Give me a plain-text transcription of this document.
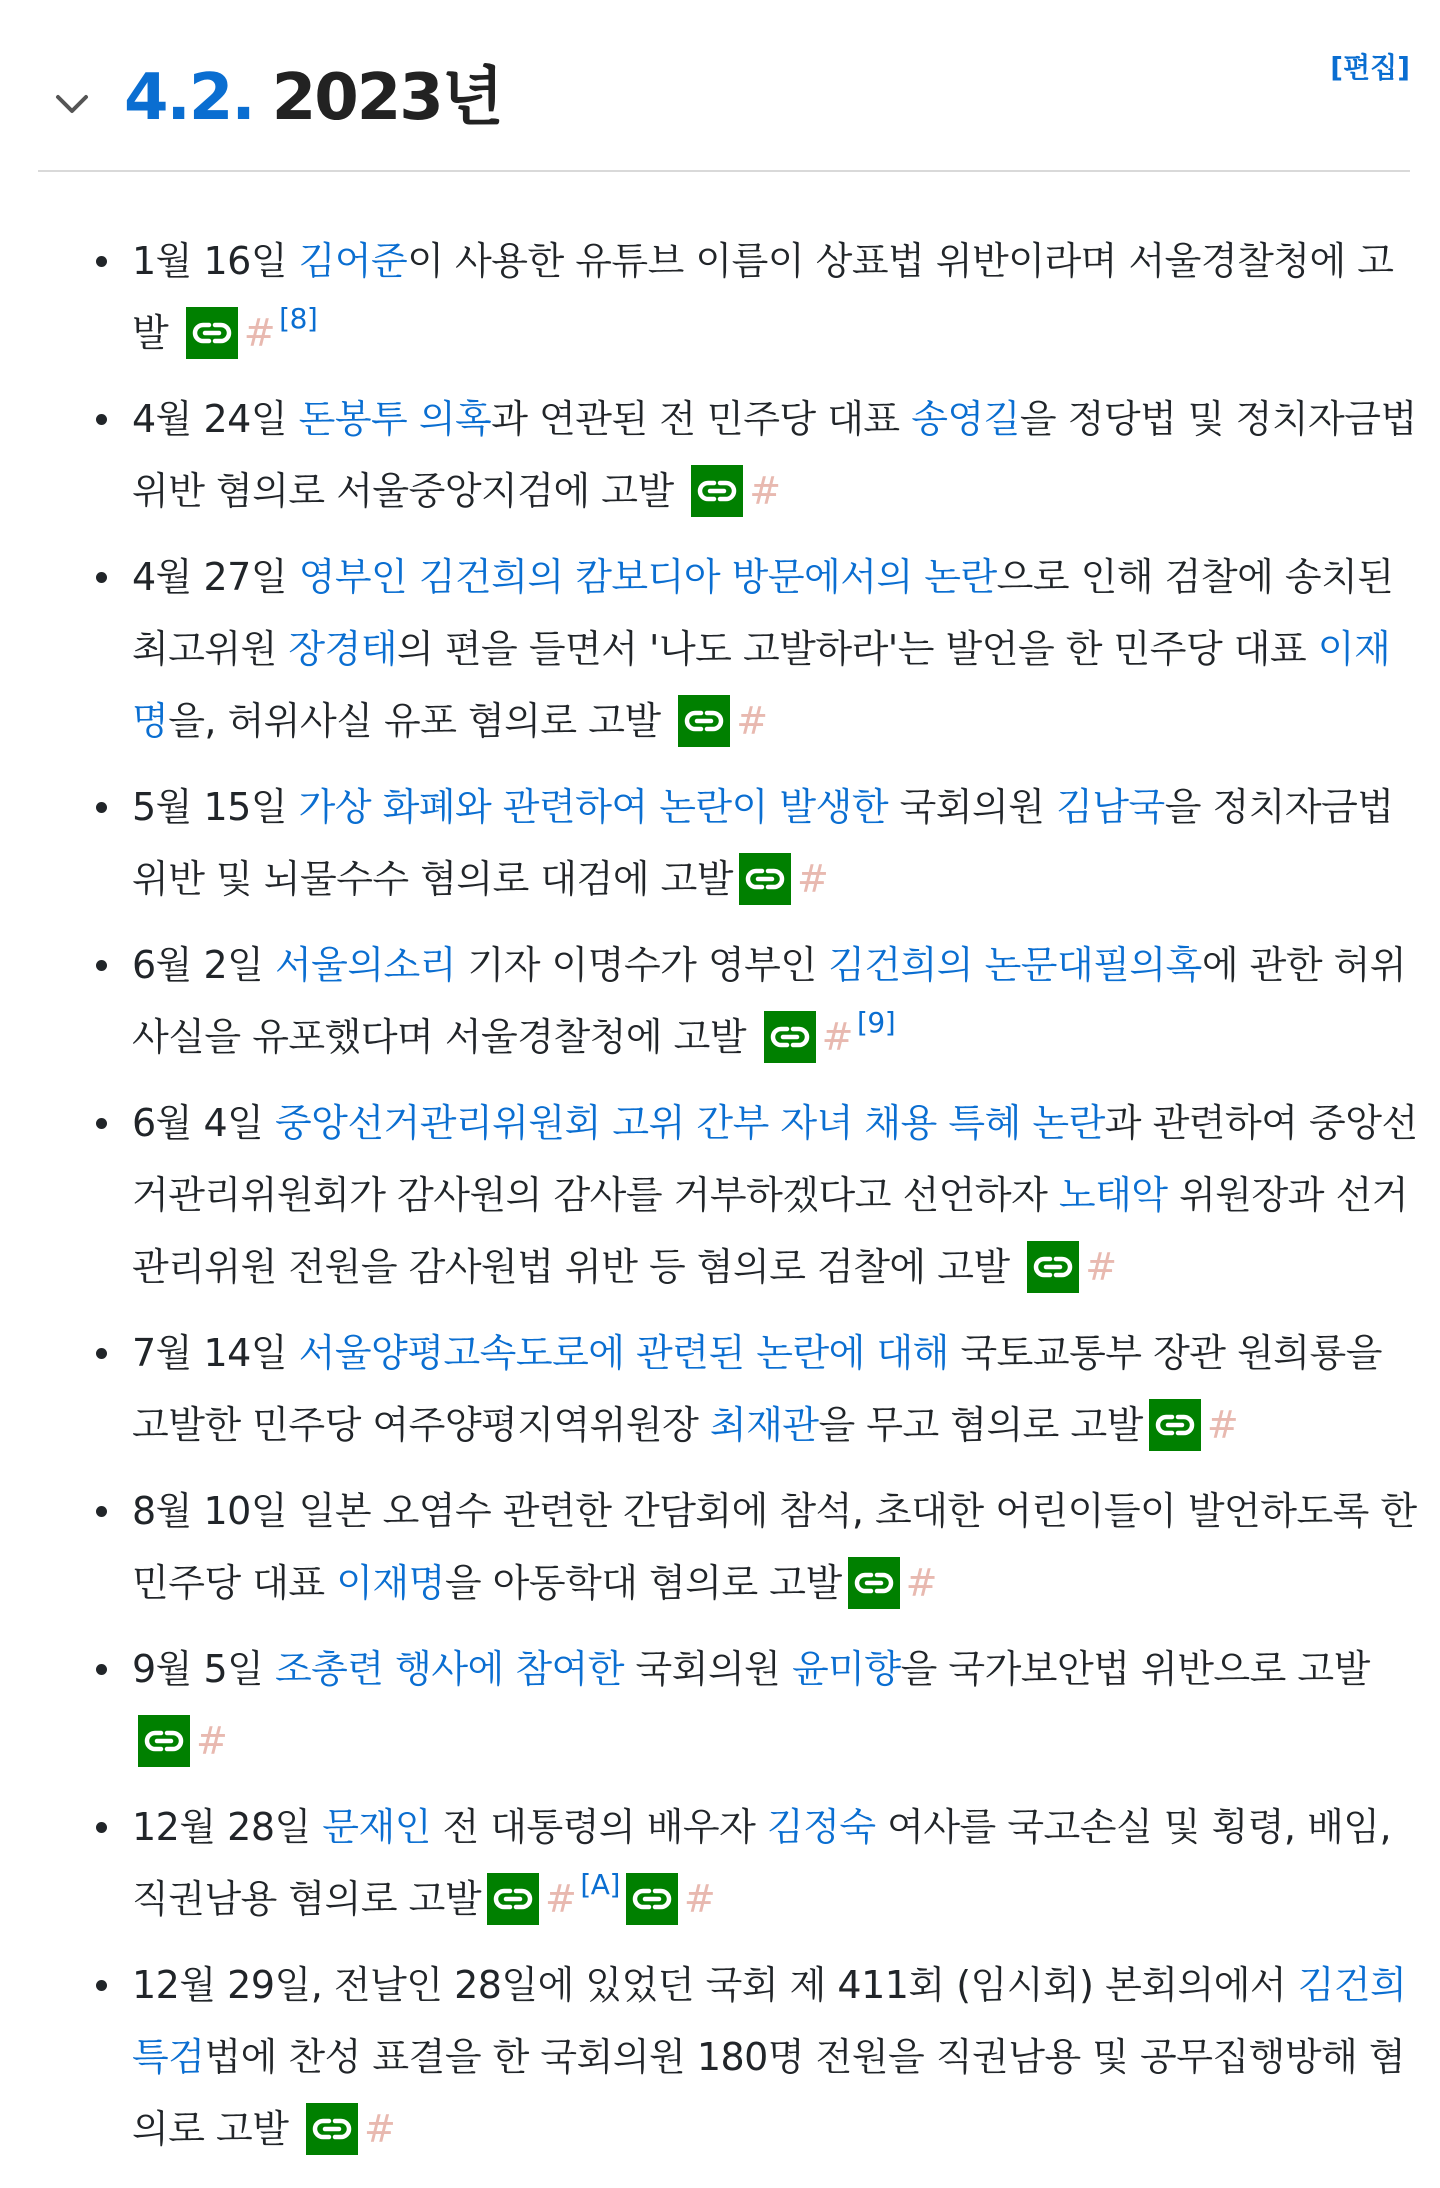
4.2. 2023년	[편집]
1월 16일 김어준이 사용한 유튜브 이름이 상표법 위반이라며 서울경찰청에 고발
# [8]
4월 24일 돈봉투 의혹과 연관된 전 민주당 대표 송영길을 정당법 및 정치자금법 위반 혐의로 서울중앙지검에 고발
#
4월 27일 영부인 김건희의 캄보디아 방문에서의 논란으로 인해 검찰에 송치된 최고위원 장경태의 편을 들면서 '나도 고발하라'는 발언을 한 민주당 대표 이재명을, 허위사실 유포 혐의로 고발
#
5월 15일 가상 화폐와 관련하여 논란이 발생한 국회의원 김남국을 정치자금법 위반 및 뇌물수수 혐의로 대검에 고발 #
6월 2일 서울의소리 기자 이명수가 영부인 김건희의 논문대필의혹에 관한 허위 사실을 유포했다며 서울경찰청에 고발
# [9]
6월 4일 중앙선거관리위원회 고위 간부 자녀 채용 특혜 논란과 관련하여 중앙선거관리위원회가 감사원의 감사를 거부하겠다고 선언하자 노태악 위원장과 선거관리위원 전원을 감사원법 위반 등 혐의로 검찰에 고발
#
7월 14일 서울양평고속도로에 관련된 논란에 대해 국토교통부 장관 원희룡을 고발한 민주당 여주양평지역위원장 최재관을 무고 혐의로 고발 #
8월 10일 일본 오염수 관련한 간담회에 참석, 초대한 어린이들이 발언하도록 한 민주당 대표 이재명을 아동학대 혐의로 고발 #
9월 5일 조총련 행사에 참여한 국회의원 윤미향을 국가보안법 위반으로 고발
#
12월 28일 문재인 전 대통령의 배우자 김정숙 여사를 국고손실 및 횡령, 배임, 직권남용 혐의로 고발 # [A] #
12월 29일, 전날인 28일에 있었던 국회 제 411회 (임시회) 본회의에서 김건희 특검법에 찬성 표결을 한 국회의원 180명 전원을 직권남용 및 공무집행방해 혐의로 고발
#
